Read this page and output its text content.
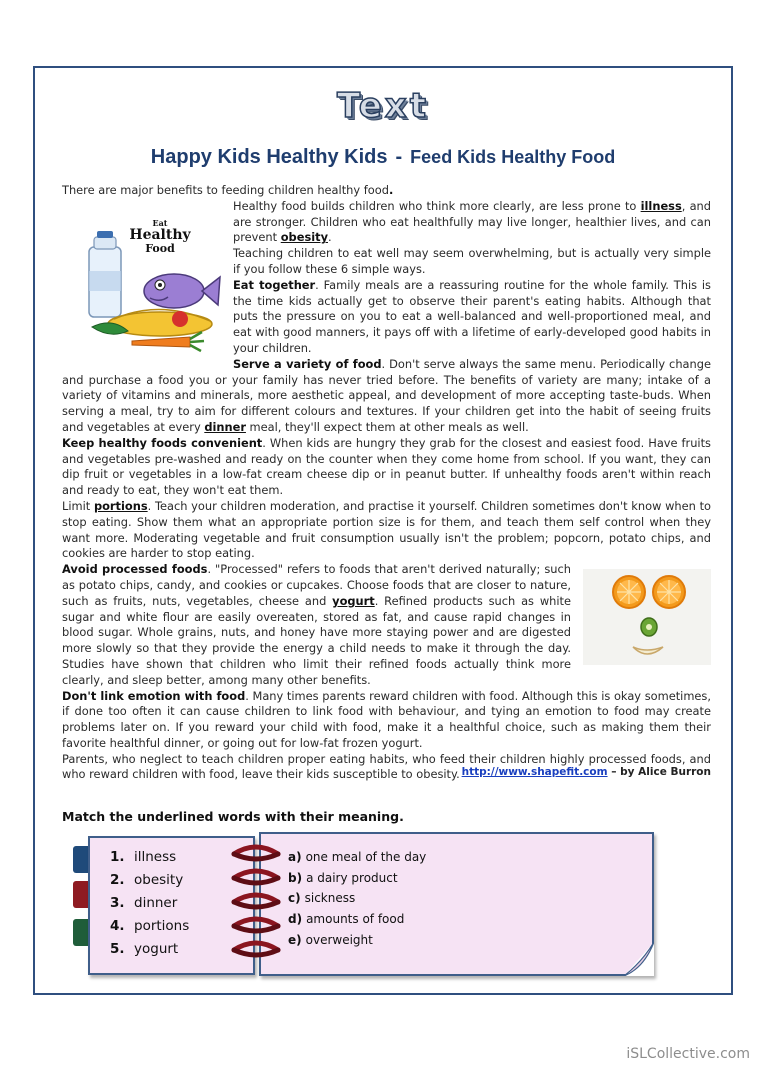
Text
Happy Kids Healthy Kids - Feed Kids Healthy Food

There are major benefits to feeding children healthy food.

Eat
Healthy
Food

Healthy food builds children who think more clearly, are less prone to illness, and are stronger. Children who eat healthfully may live longer, healthier lives, and can prevent obesity.

Teaching children to eat well may seem overwhelming, but is actually very simple if you follow these 6 simple ways.

Eat together. Family meals are a reassuring routine for the whole family. This is the time kids actually get to observe their parent's eating habits. Although that puts the pressure on you to eat a well-balanced and well-proportioned meal, and eat with good manners, it pays off with a lifetime of early-developed good habits in your children.

Serve a variety of food. Don't serve always the same menu. Periodically change and purchase a food you or your family has never tried before. The benefits of variety are many; intake of a variety of vitamins and minerals, more aesthetic appeal, and development of more accepting taste-buds. When serving a meal, try to aim for different colours and textures. If your children get into the habit of seeing fruits and vegetables at every dinner meal, they'll expect them at other meals as well.

Keep healthy foods convenient. When kids are hungry they grab for the closest and easiest food. Have fruits and vegetables pre-washed and ready on the counter when they come home from school. If you want, they can dip fruit or vegetables in a low-fat cream cheese dip or in peanut butter. If unhealthy foods aren't within reach and ready to eat, they won't eat them.

Limit portions. Teach your children moderation, and practise it yourself. Children sometimes don't know when to stop eating. Show them what an appropriate portion size is for them, and teach them self control when they want more. Moderating vegetable and fruit consumption usually isn't the problem; popcorn, potato chips, and cookies are harder to stop eating.

Avoid processed foods. "Processed" refers to foods that aren't derived naturally; such as potato chips, candy, and cookies or cupcakes. Choose foods that are closer to nature, such as fruits, nuts, vegetables, cheese and yogurt. Refined products such as white sugar and white flour are easily overeaten, stored as fat, and cause rapid changes in blood sugar. Whole grains, nuts, and honey have more staying power and are digested more slowly so that they provide the energy a child needs to make it through the day. Studies have shown that children who limit their refined foods actually think more clearly, and sleep better, among many other benefits.

Don't link emotion with food. Many times parents reward children with food. Although this is okay sometimes, if done too often it can cause children to link food with behaviour, and tying an emotion to food may create problems later on. If you reward your child with food, make it a healthful choice, such as making them their favorite healthful dinner, or going out for low-fat frozen yogurt.

Parents, who neglect to teach children proper eating habits, who feed their children highly processed foods, and who reward children with food, leave their kids susceptible to obesity. http://www.shapefit.com – by Alice Burron
Match the underlined words with their meaning.
1. illness
2. obesity
3. dinner
4. portions
5. yogurt
a) one meal of the day
b) a dairy product
c) sickness
d) amounts of food
e) overweight
iSLCollective.com
